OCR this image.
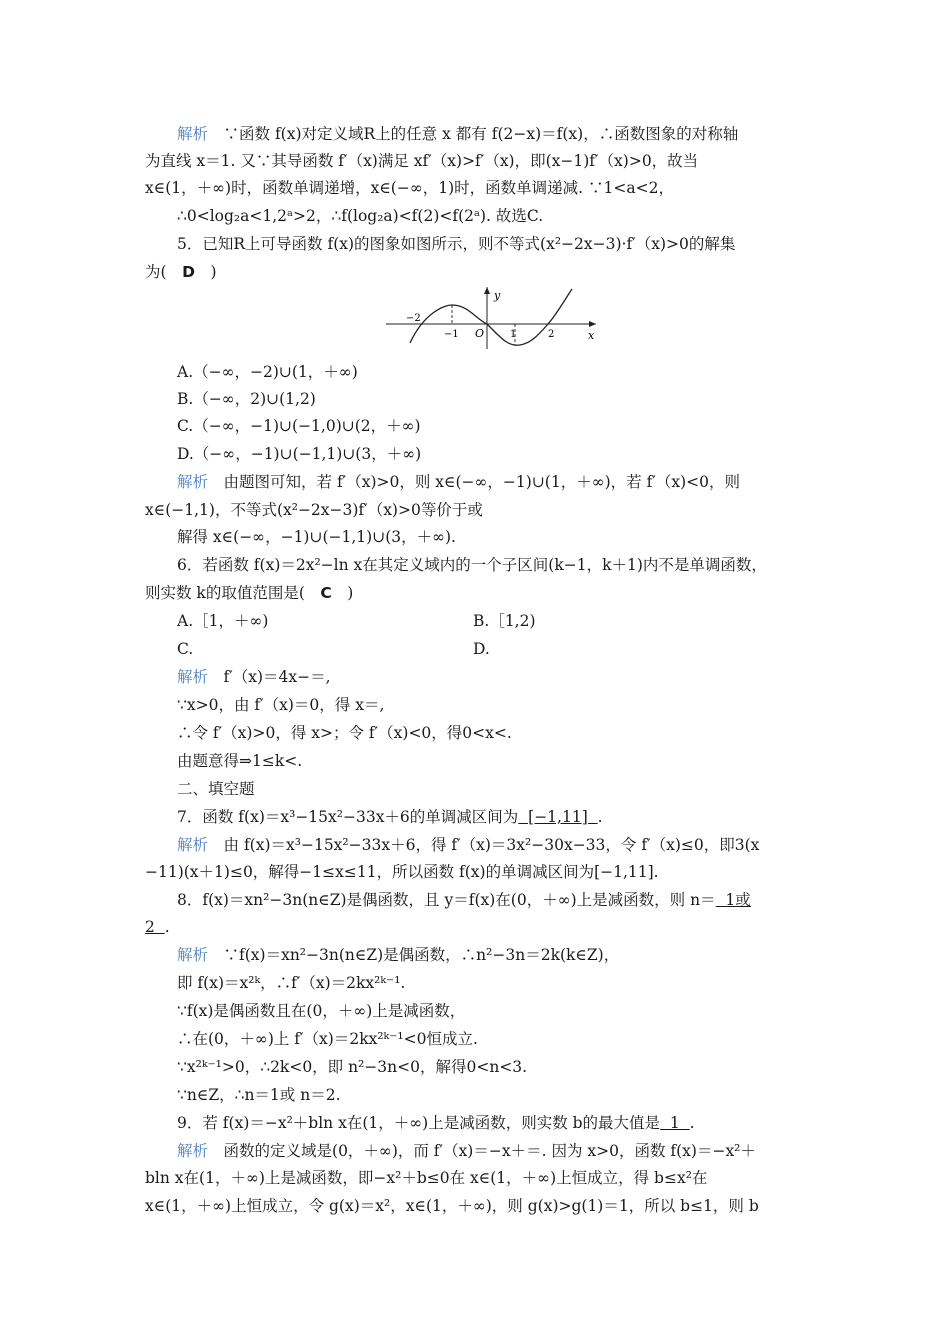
解析　∵函数 f(x)对定义域R上的任意 x 都有 f(2−x)＝f(x)，∴函数图象的对称轴
为直线 x＝1. 又∵其导函数 f′（x)满足 xf′（x)>f′（x)，即(x−1)f′（x)>0，故当
x∈(1，＋∞)时，函数单调递增，x∈(−∞，1)时，函数单调递减. ∵1<a<2，
∴0<log₂a<1,2ᵃ>2，∴f(log₂a)<f(2)<f(2ᵃ). 故选C.
5．已知R上可导函数 f(x)的图象如图所示，则不等式(x²−2x−3)·f′（x)>0的解集
为(　D　)
y
x
O
−2
−1	1	2
A.（−∞，−2)∪(1，＋∞)
B.（−∞，2)∪(1,2)
C.（−∞，−1)∪(−1,0)∪(2，＋∞)
D.（−∞，−1)∪(−1,1)∪(3，＋∞)
解析　由题图可知，若 f′（x)>0，则 x∈(−∞，−1)∪(1，＋∞)，若 f′（x)<0，则
x∈(−1,1)，不等式(x²−2x−3)f′（x)>0等价于或
解得 x∈(−∞，−1)∪(−1,1)∪(3，＋∞).
6．若函数 f(x)＝2x²−ln x在其定义域内的一个子区间(k−1，k＋1)内不是单调函数，
则实数 k的取值范围是(　C　)
A.［1，＋∞)	B.［1,2)
C.	D.
解析　f′（x)＝4x−＝,
∵x>0，由 f′（x)＝0，得 x＝,
∴令 f′（x)>0，得 x>；令 f′（x)<0，得0<x<.
由题意得⇒1≤k<.
二、填空题
7．函数 f(x)＝x³−15x²−33x＋6的单调减区间为  [−1,11]  .
解析　由 f(x)＝x³−15x²−33x＋6，得 f′（x)＝3x²−30x−33，令 f′（x)≤0，即3(x
−11)(x＋1)≤0，解得−1≤x≤11，所以函数 f(x)的单调减区间为[−1,11].
8．f(x)＝xn²−3n(n∈Z)是偶函数，且 y＝f(x)在(0，＋∞)上是减函数，则 n＝  1或
2  .
解析　∵f(x)＝xn²−3n(n∈Z)是偶函数，∴n²−3n＝2k(k∈Z)，
即 f(x)＝x²ᵏ，∴f′（x)＝2kx²ᵏ⁻¹.
∵f(x)是偶函数且在(0，＋∞)上是减函数，
∴在(0，＋∞)上 f′（x)＝2kx²ᵏ⁻¹<0恒成立.
∵x²ᵏ⁻¹>0，∴2k<0，即 n²−3n<0，解得0<n<3.
∵n∈Z，∴n＝1或 n＝2.
9．若 f(x)＝−x²＋bln x在(1，＋∞)上是减函数，则实数 b的最大值是  1  .
解析　函数的定义域是(0，＋∞)，而 f′（x)＝−x＋＝. 因为 x>0，函数 f(x)＝−x²＋
bln x在(1，＋∞)上是减函数，即−x²＋b≤0在 x∈(1，＋∞)上恒成立，得 b≤x²在
x∈(1，＋∞)上恒成立，令 g(x)＝x²，x∈(1，＋∞)，则 g(x)>g(1)＝1，所以 b≤1，则 b
